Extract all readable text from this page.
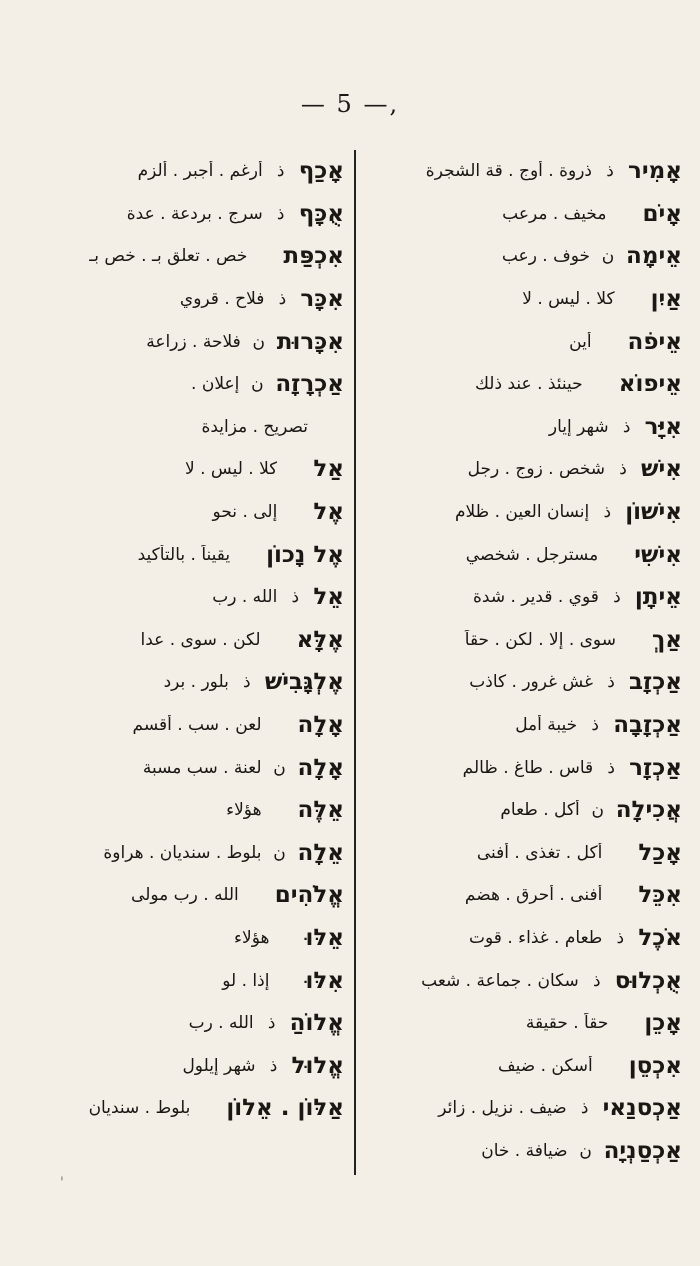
— 5 —,
אָמִיר
ذ
ذروة . أوج . قة الشجرة
אָיֹם
مخيف . مرعب
אֵימָה
ن
خوف . رعب
אַיִן
كلا . ليس . لا
אֵיפֹה
أين
אֵיפוֹא
حينئذ . عند ذلك
אִיָּר
ذ
شهر إيار
אִישׁ
ذ
شخص . زوج . رجل
אִישׁוֹן
ذ
إنسان العين . ظلام
אִישִׁי
مسترجل . شخصي
אֵיתָן
ذ
قوي . قدير . شدة
אַךְ
سوى . إلا . لكن . حقاً
אַכְזָב
ذ
غش غرور . كاذب
אַכְזָבָה
ذ
خيبة أمل
אַכְזָר
ذ
قاس . طاغ . ظالم
אֲכִילָה
ن
أكل . طعام
אָכַל
أكل . تغذى . أفنى
אִכֵּל
أفنى . أحرق . هضم
אֹכֶל
ذ
طعام . غذاء . قوت
אֻכְלוּס
ذ
سكان . جماعة . شعب
אָכֵן
حقاً . حقيقة
אִכְסֵן
أسكن . ضيف
אַכְסנַאי
ذ
ضيف . نزيل . زائر
אַכְסַנְיָה
ن
ضيافة . خان
אָכַף
ذ
أرغم . أجبر . ألزم
אֻכָּף
ذ
سرج . بردعة . عدة
אִכְפַּת
خص . تعلق بـ . خص بـ
אִכָּר
ذ
فلاح . قروي
אִכָּרוּת
ن
فلاحة . زراعة
אַכְרָזָה
ن
إعلان .
تصريح . مزايدة
אַל
كلا . ليس . لا
אֶל
إلى . نحو
אֶל נָכוֹן
يقيناً . بالتأكيد
אֵל
ذ
الله . رب
אֶלָּא
لكن . سوى . عدا
אֶלְגָּבִישׁ
ذ
بلور . برد
אָלָה
لعن . سب . أقسم
אָלָה
ن
لعنة . سب مسبة
אֵלֶּה
هؤلاء
אֵלָה
ن
بلوط . سنديان . هراوة
אֱלֹהִים
الله . رب مولى
אֵלּוּ
هؤلاء
אִלּוּ
إذا . لو
אֱלוֹהַ
ذ
الله . رب
אֱלוּל
ذ
شهر إيلول
אַלּוֹן . אֵלוֹן
بلوط . سنديان
'
